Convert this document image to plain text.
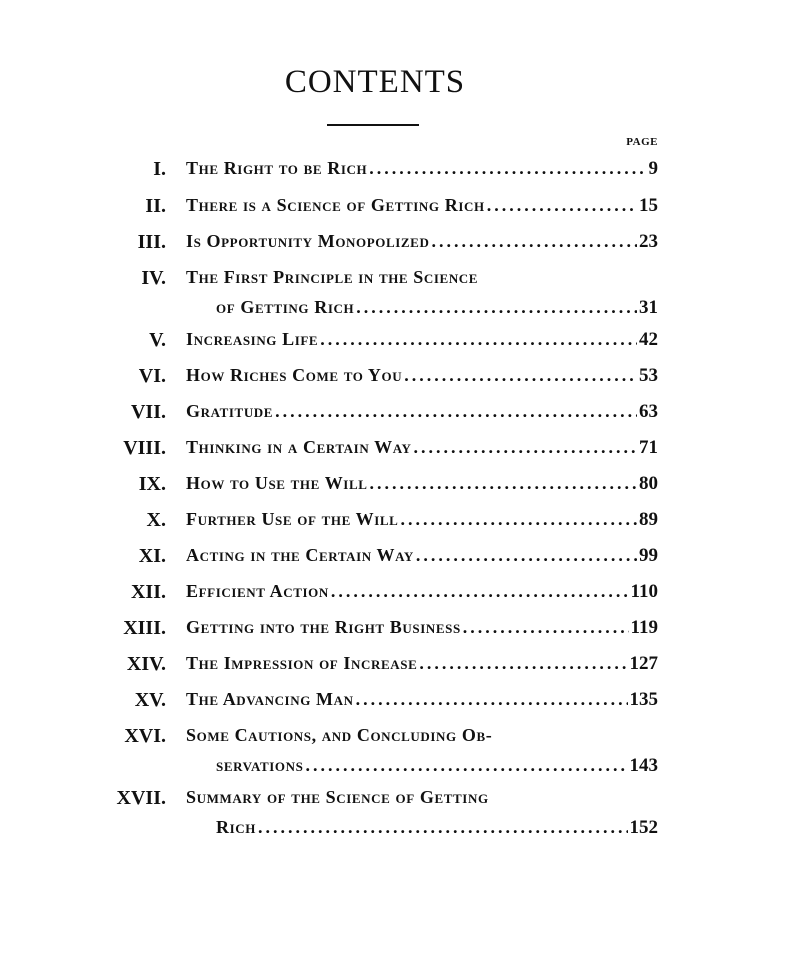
CONTENTS
PAGE
I. The Right to be Rich .....	9
II. There is a Science of Getting Rich .....	15
III. Is Opportunity Monopolized .....	23
IV. The First Principle in the Science
of Getting Rich .....	31
V. Increasing Life .....	42
VI. How Riches Come to You .....	53
VII. Gratitude .....	63
VIII. Thinking in a Certain Way .....	71
IX. How to Use the Will .....	80
X. Further Use of the Will .....	89
XI. Acting in the Certain Way .....	99
XII. Efficient Action .....	110
XIII. Getting into the Right Business .....	119
XIV. The Impression of Increase .....	127
XV. The Advancing Man .....	135
XVI. Some Cautions, and Concluding Ob-
servations .....	143
XVII. Summary of the Science of Getting
Rich .....	152
